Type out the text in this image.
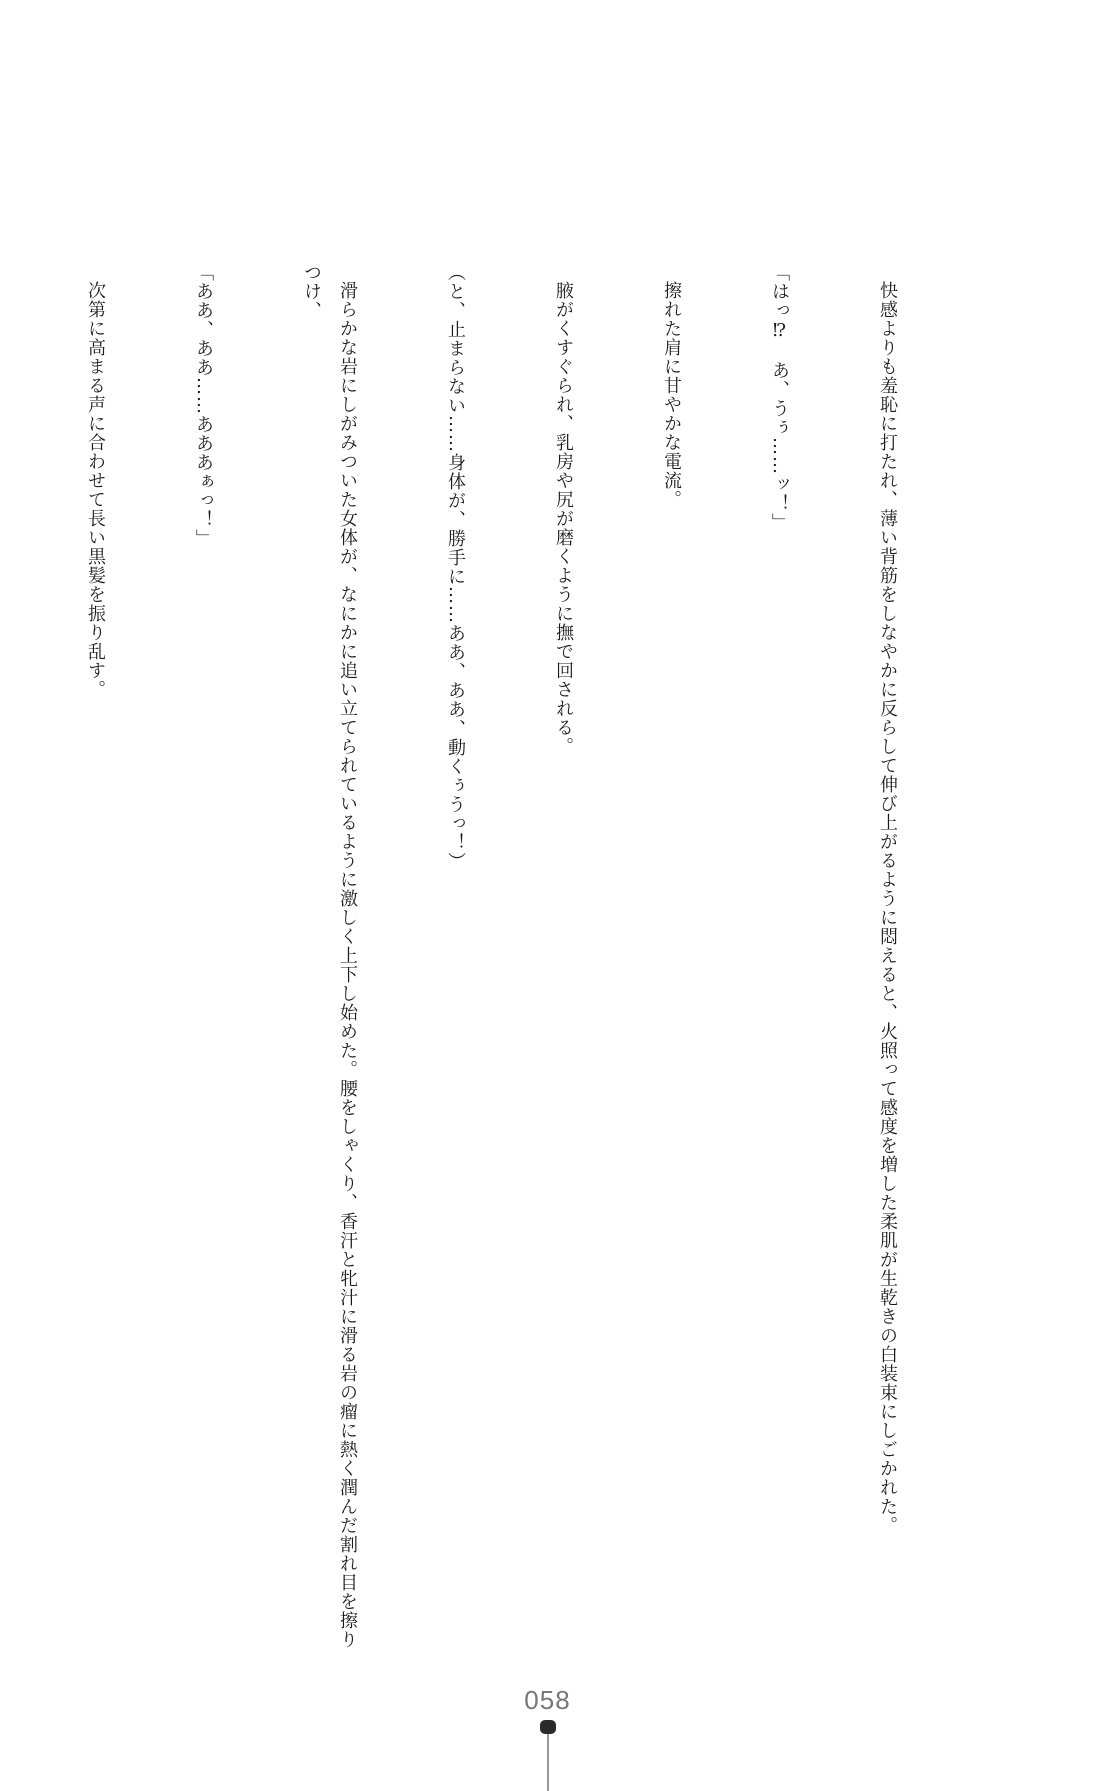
快感よりも羞恥に打たれ、薄い背筋をしなやかに反らして伸び上がるように悶えると、火照って感度を増した柔肌が生乾きの白装束にしごかれた。

「はっ⁉　あ、うぅ……ッ！」

擦れた肩に甘やかな電流。

腋がくすぐられ、乳房や尻が磨くように撫で回される。

（と、止まらない……身体が、勝手に……ああ、ああ、動くぅうっ！）

滑らかな岩にしがみついた女体が、なにかに追い立てられているように激しく上下し始めた。腰をしゃくり、香汗と牝汁に滑る岩の瘤に熱く潤んだ割れ目を擦りつけ、

「ああ、ああ……あああぁっ！」

次第に高まる声に合わせて長い黒髪を振り乱す。

058
